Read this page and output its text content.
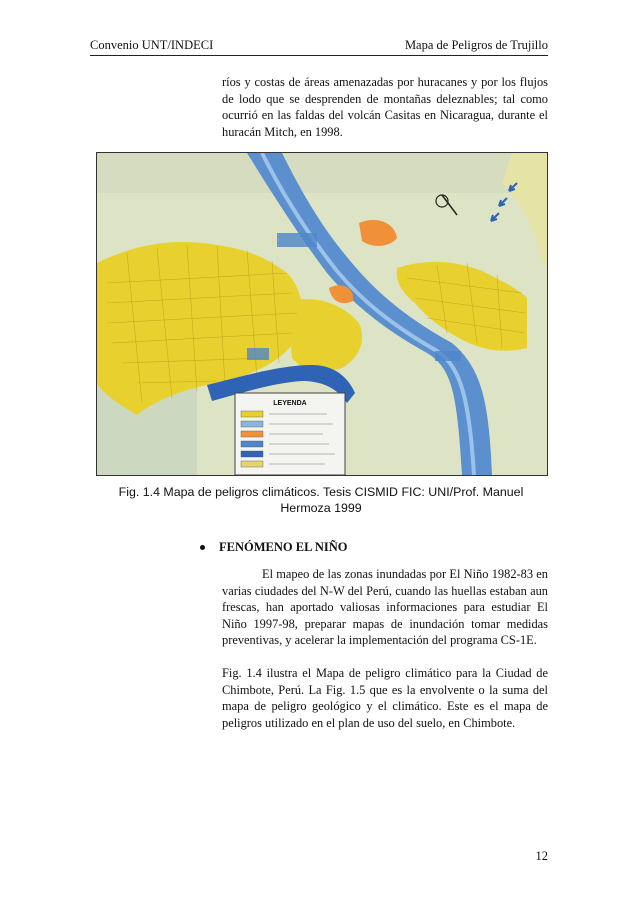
Convenio UNT/INDECI	Mapa de Peligros de Trujillo

ríos y costas de áreas amenazadas por huracanes y por los flujos de lodo que se desprenden de montañas deleznables; tal como ocurrió en las faldas del volcán Casitas en Nicaragua, durante el huracán Mitch, en 1998.

LEYENDA
Fig. 1.4 Mapa de peligros climáticos. Tesis CISMID FIC: UNI/Prof. Manuel
Hermoza 1999
FENÓMENO EL NIÑO

El mapeo de las zonas inundadas por El Niño 1982-83 en varias ciudades del N-W del Perú, cuando las huellas estaban aun frescas, han aportado valiosas informaciones para estudiar El Niño 1997-98, preparar mapas de inundación tomar medidas preventivas, y acelerar la implementación del programa CS-1E.

Fig. 1.4 ilustra el Mapa de peligro climático para la Ciudad de Chimbote, Perú. La Fig. 1.5 que es la envolvente o la suma del mapa de peligro geológico y el climático. Este es el mapa de peligros utilizado en el plan de uso del suelo, en Chimbote.

12
